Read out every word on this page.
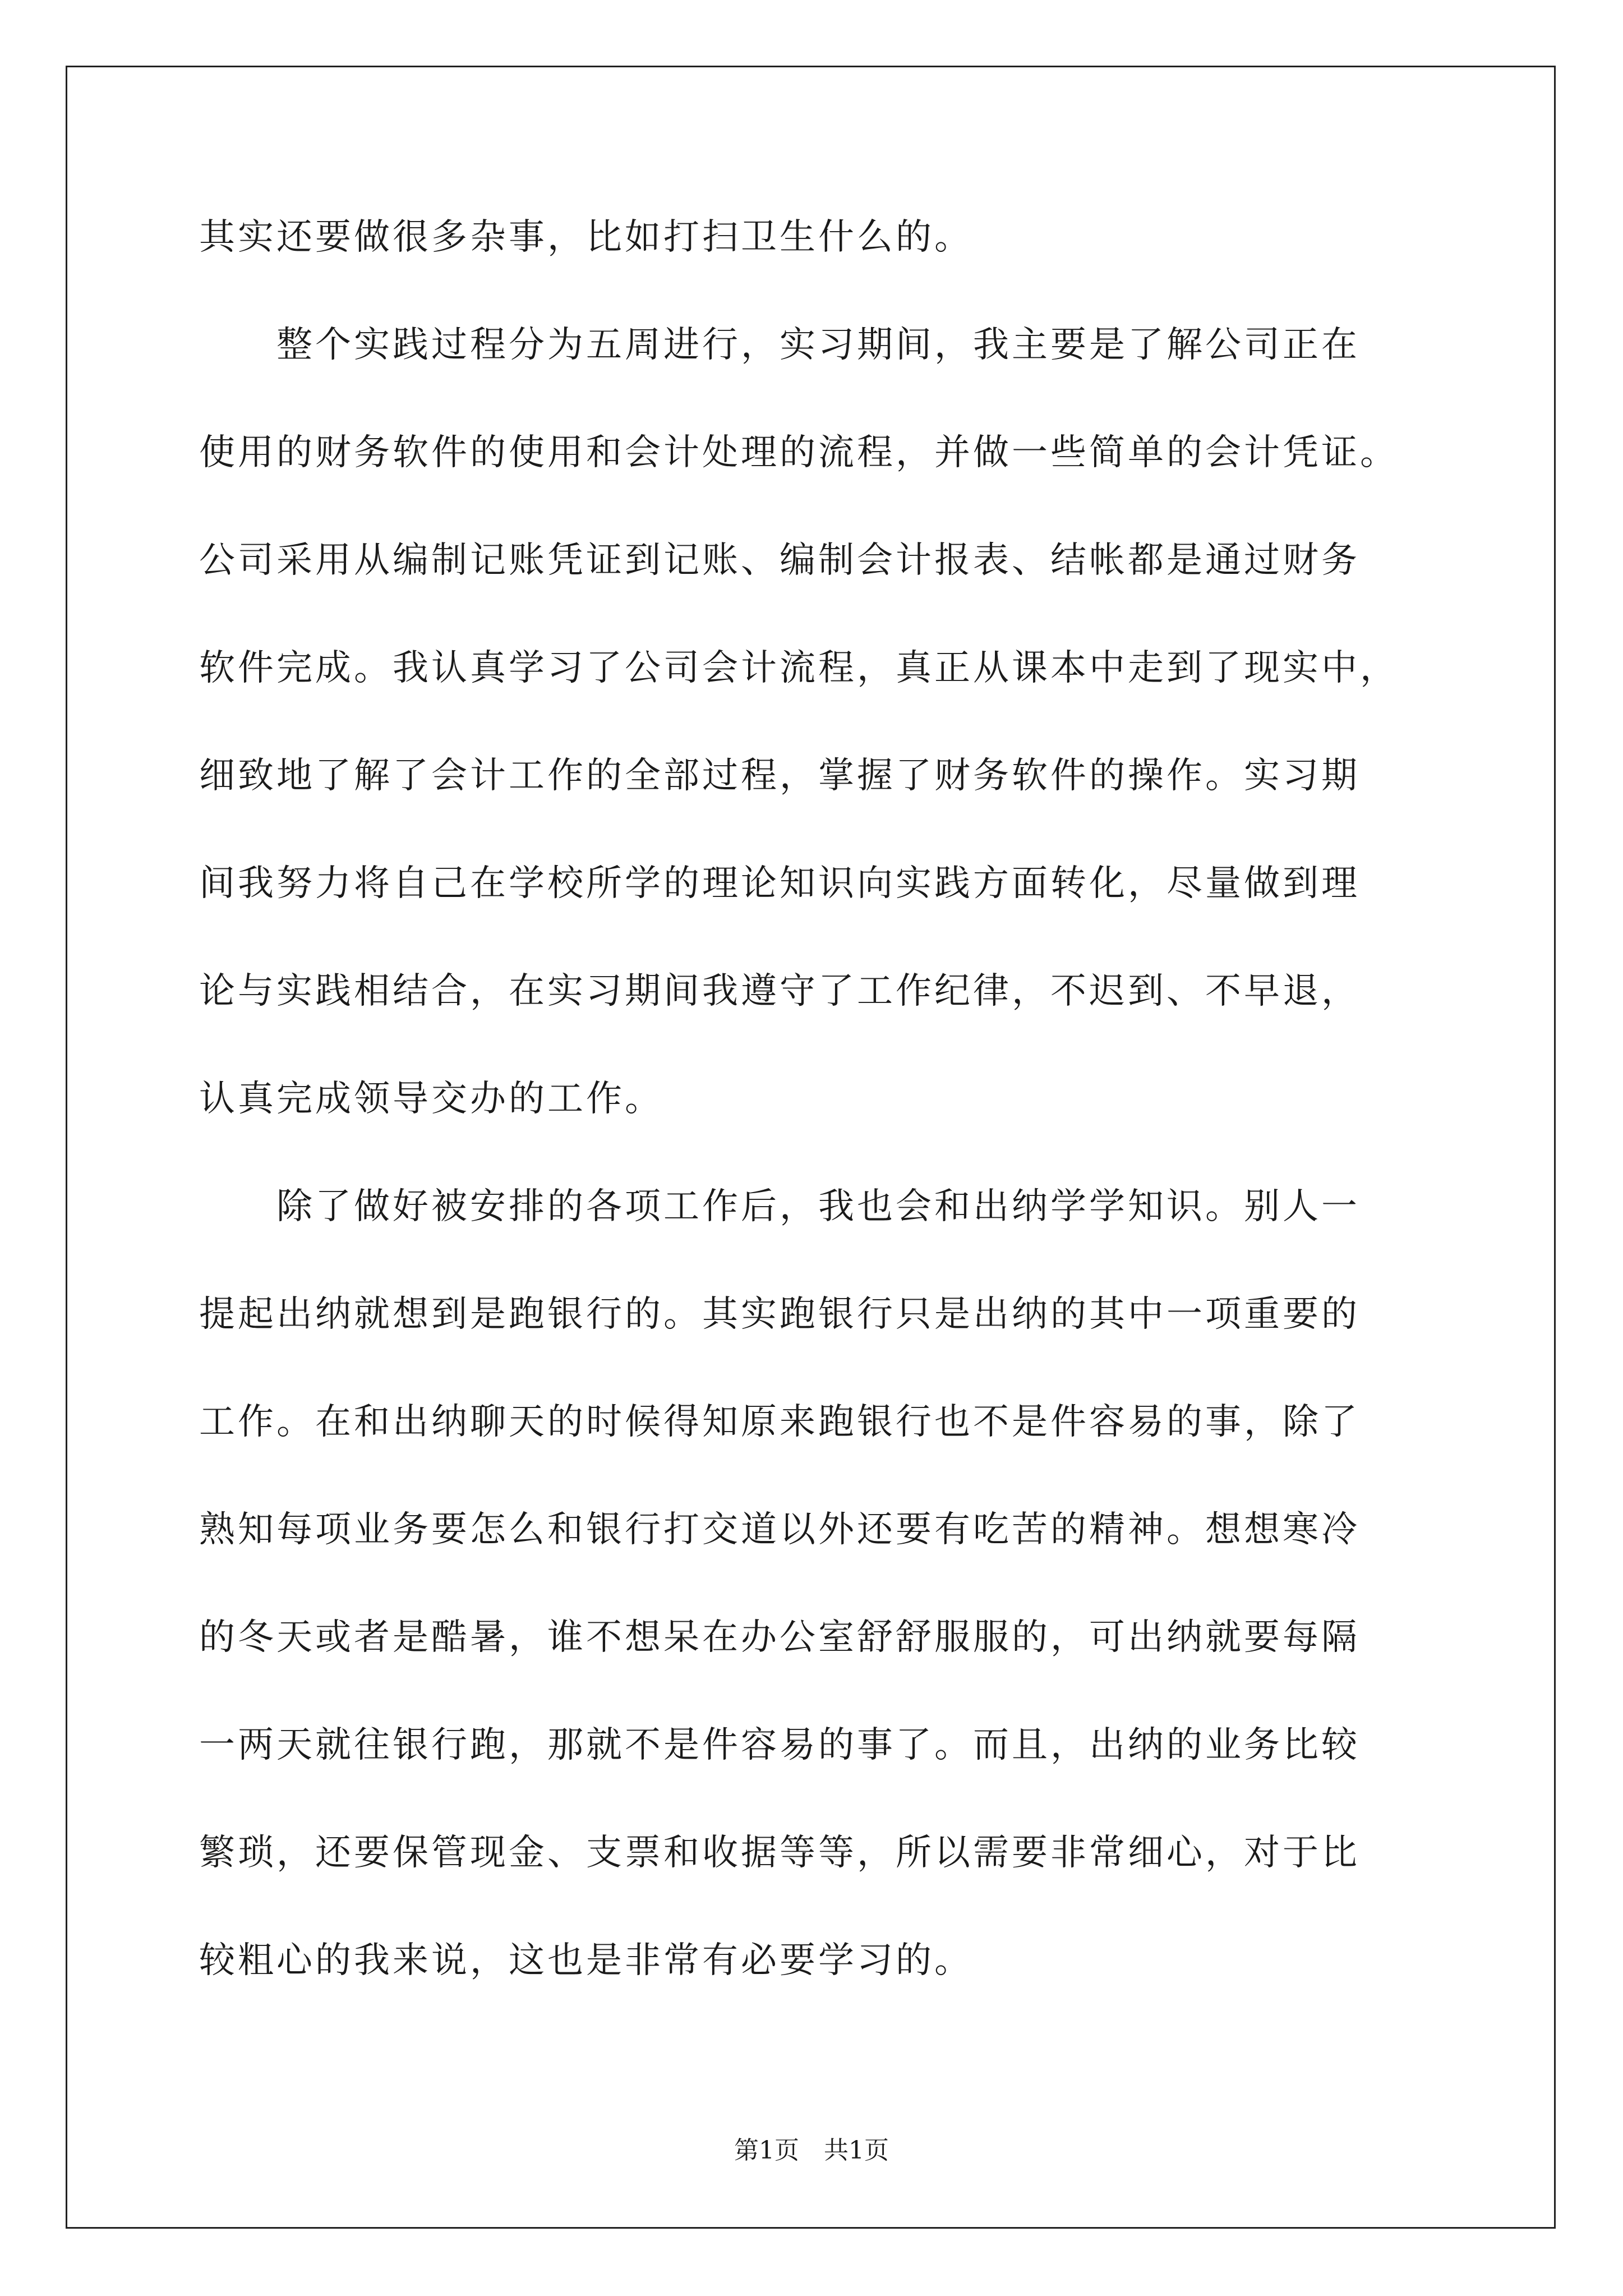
其实还要做很多杂事，比如打扫卫生什么的。
　　整个实践过程分为五周进行，实习期间，我主要是了解公司正在
使用的财务软件的使用和会计处理的流程，并做一些简单的会计凭证。
公司采用从编制记账凭证到记账、编制会计报表、结帐都是通过财务
软件完成。我认真学习了公司会计流程，真正从课本中走到了现实中，
细致地了解了会计工作的全部过程，掌握了财务软件的操作。实习期
间我努力将自己在学校所学的理论知识向实践方面转化，尽量做到理
论与实践相结合，在实习期间我遵守了工作纪律，不迟到、不早退，
认真完成领导交办的工作。
　　除了做好被安排的各项工作后，我也会和出纳学学知识。别人一
提起出纳就想到是跑银行的。其实跑银行只是出纳的其中一项重要的
工作。在和出纳聊天的时候得知原来跑银行也不是件容易的事，除了
熟知每项业务要怎么和银行打交道以外还要有吃苦的精神。想想寒冷
的冬天或者是酷暑，谁不想呆在办公室舒舒服服的，可出纳就要每隔
一两天就往银行跑，那就不是件容易的事了。而且，出纳的业务比较
繁琐，还要保管现金、支票和收据等等，所以需要非常细心，对于比
较粗心的我来说，这也是非常有必要学习的。
第1页　共1页
